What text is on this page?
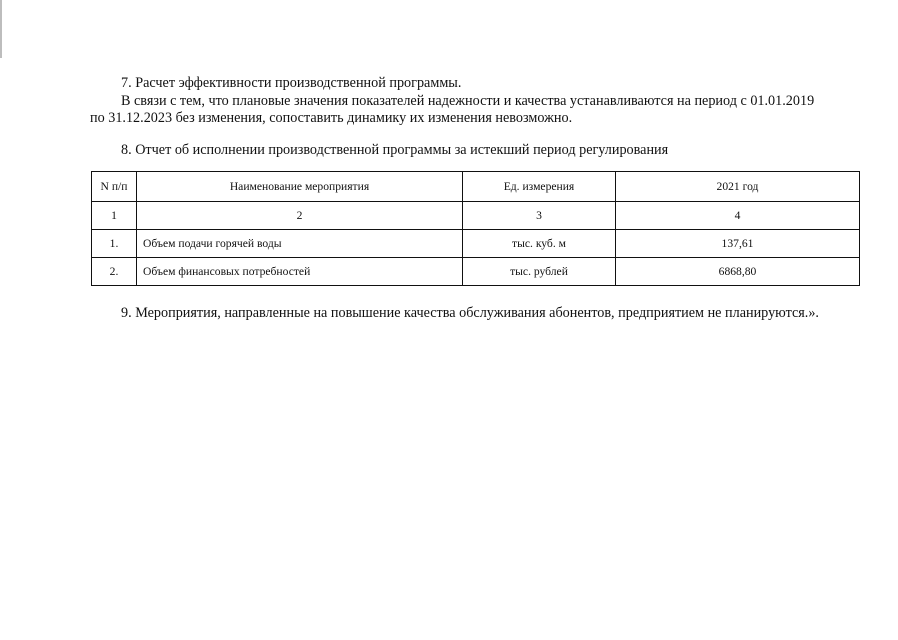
7. Расчет эффективности производственной программы.

В связи с тем, что плановые значения показателей надежности и качества устанавливаются на период с 01.01.2019

по 31.12.2023 без изменения, сопоставить динамику их изменения невозможно.

8. Отчет об исполнении производственной программы за истекший период регулирования

N п/п	Наименование мероприятия	Ед. измерения	2021 год
1	2	3	4
1.	Объем подачи горячей воды	тыс. куб. м	137,61
2.	Объем финансовых потребностей	тыс. рублей	6868,80

9. Мероприятия, направленные на повышение качества обслуживания абонентов, предприятием не планируются.».
